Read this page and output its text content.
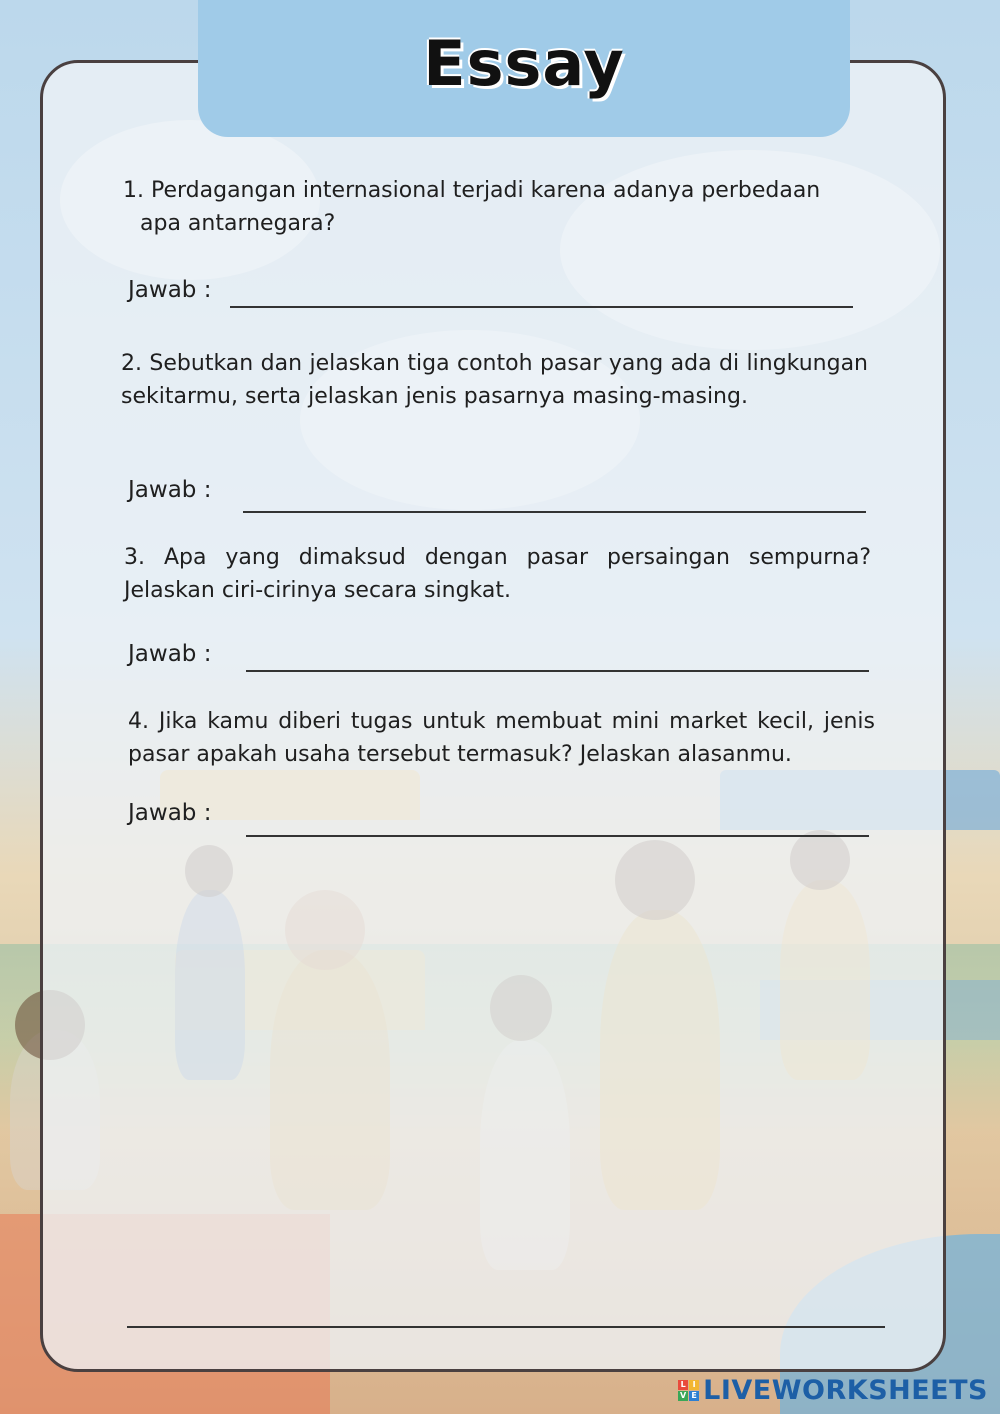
Essay
1. Perdagangan internasional terjadi karena adanya perbedaan
apa antarnegara?
Jawab :
2. Sebutkan dan jelaskan tiga contoh pasar yang ada di lingkungan sekitarmu, serta jelaskan jenis pasarnya masing-masing.
Jawab :
3. Apa yang dimaksud dengan pasar persaingan sempurna? Jelaskan ciri-cirinya secara singkat.
Jawab :
4. Jika kamu diberi tugas untuk membuat mini market kecil, jenis pasar apakah usaha tersebut termasuk? Jelaskan alasanmu.
Jawab :
L I
V E LIVEWORKSHEETS
